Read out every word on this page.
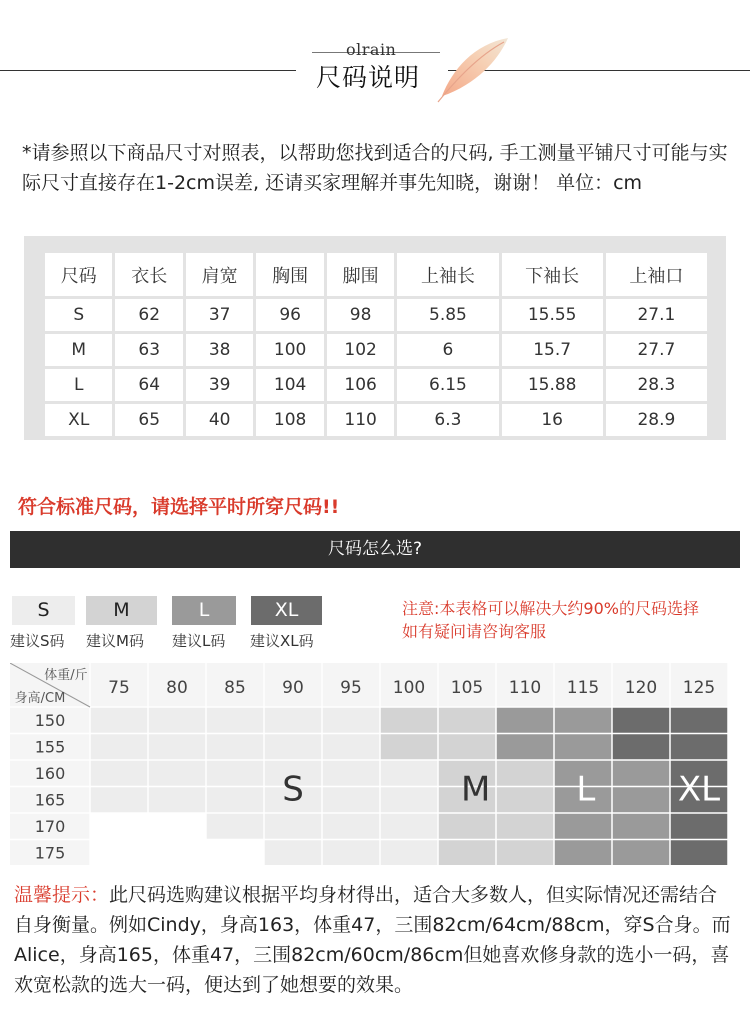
olrain
尺码说明
*请参照以下商品尺寸对照表，以帮助您找到适合的尺码, 手工测量平铺尺寸可能与实际尺寸直接存在1-2cm误差, 还请买家理解并事先知晓，谢谢！ 单位：cm
尺码	衣长	肩宽	胸围	脚围	上袖长	下袖长	上袖口
S	62	37	96	98	5.85	15.55	27.1
M	63	38	100	102	6	15.7	27.7
L	64	39	104	106	6.15	15.88	28.3
XL	65	40	108	110	6.3	16	28.9
符合标准尺码，请选择平时所穿尺码!!
尺码怎么选?
S	M	L	XL
建议S码 建议M码 建议L码 建议XL码
注意:本表格可以解决大约90%的尺码选择
如有疑问请咨询客服
体重/斤
身高/CM
75 80 85 90 95 100 105 110 115 120 125
150
155
160
165
170
175
S	M	L XL
温馨提示：此尺码选购建议根据平均身材得出，适合大多数人，但实际情况还需结合自身衡量。例如Cindy，身高163，体重47，三围82cm/64cm/88cm，穿S合身。而Alice，身高165，体重47，三围82cm/60cm/86cm但她喜欢修身款的选小一码，喜欢宽松款的选大一码，便达到了她想要的效果。
